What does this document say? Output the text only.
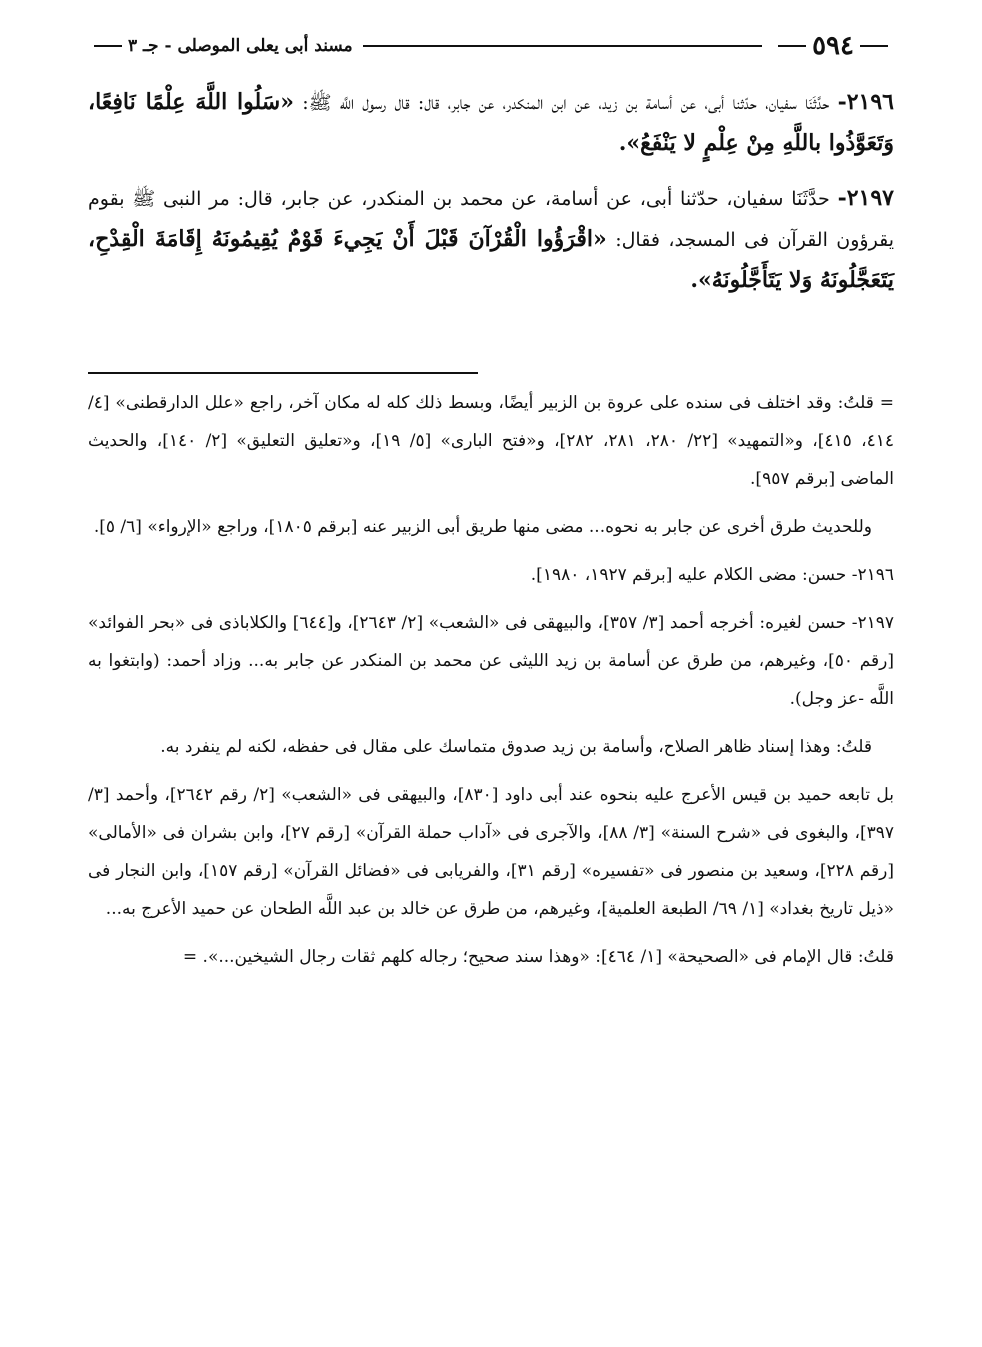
٥٩٤
مسند أبى يعلى الموصلى - جـ ٣

٢١٩٦- حدَّثَنَا سفيان، حدّثنا أبى، عن أسامة بن زيد، عن ابن المنكدر، عن جابر، قال: قال رسول اللَّه ﷺ: «سَلُوا اللَّهَ عِلْمًا نَافِعًا، وَتَعَوَّذُوا باللَّهِ مِنْ عِلْمٍ لا يَنْفَعُ».

٢١٩٧- حدَّثَنَا سفيان، حدّثنا أبى، عن أسامة، عن محمد بن المنكدر، عن جابر، قال: مر النبى ﷺ بقوم يقرؤون القرآن فى المسجد، فقال: «اقْرَؤُوا الْقُرْآنَ قَبْلَ أَنْ يَجِيءَ قَوْمٌ يُقِيمُونَهُ إِقَامَةَ الْقِدْحِ، يَتَعَجَّلُونَهُ وَلا يَتَأَجَّلُونَهُ».

= قلتُ: وقد اختلف فى سنده على عروة بن الزبير أيضًا، وبسط ذلك كله له مكان آخر، راجع «علل الدارقطنى» [٤/ ٤١٤، ٤١٥]، و«التمهيد» [٢٢/ ٢٨٠، ٢٨١، ٢٨٢]، و«فتح البارى» [٥/ ١٩]، و«تعليق التعليق» [٢/ ١٤٠]، والحديث الماضى [برقم ٩٥٧].

وللحديث طرق أخرى عن جابر به نحوه... مضى منها طريق أبى الزبير عنه [برقم ١٨٠٥]، وراجع «الإرواء» [٦/ ٥].

٢١٩٦- حسن: مضى الكلام عليه [برقم ١٩٢٧، ١٩٨٠].

٢١٩٧- حسن لغيره: أخرجه أحمد [٣/ ٣٥٧]، والبيهقى فى «الشعب» [٢/ ٢٦٤٣]، و[٦٤٤] والكلاباذى فى «بحر الفوائد» [رقم ٥٠]، وغيرهم، من طرق عن أسامة بن زيد الليثى عن محمد بن المنكدر عن جابر به... وزاد أحمد: (وابتغوا به اللَّه -عز وجل).

قلتُ: وهذا إسناد ظاهر الصلاح، وأسامة بن زيد صدوق متماسك على مقال فى حفظه، لكنه لم ينفرد به.

بل تابعه حميد بن قيس الأعرج عليه بنحوه عند أبى داود [٨٣٠]، والبيهقى فى «الشعب» [٢/ رقم ٢٦٤٢]، وأحمد [٣/ ٣٩٧]، والبغوى فى «شرح السنة» [٣/ ٨٨]، والآجرى فى «آداب حملة القرآن» [رقم ٢٧]، وابن بشران فى «الأمالى» [رقم ٢٢٨]، وسعيد بن منصور فى «تفسيره» [رقم ٣١]، والفريابى فى «فضائل القرآن» [رقم ١٥٧]، وابن النجار فى «ذيل تاريخ بغداد» [١/ ٦٩/ الطبعة العلمية]، وغيرهم، من طرق عن خالد بن عبد اللَّه الطحان عن حميد الأعرج به...

قلتُ: قال الإمام فى «الصحيحة» [١/ ٤٦٤]: «وهذا سند صحيح؛ رجاله كلهم ثقات رجال الشيخين...». =
